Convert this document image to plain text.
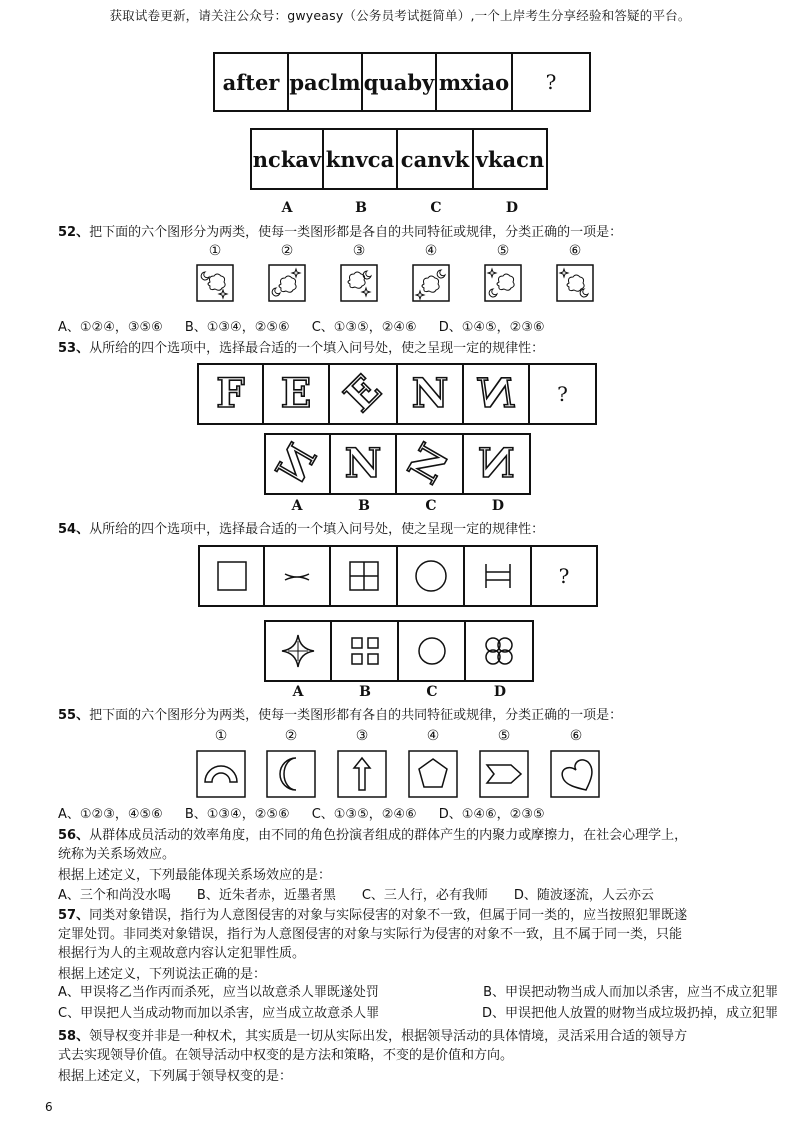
获取试卷更新，请关注公众号：gwyeasy（公务员考试挺简单）,一个上岸考生分享经验和答疑的平台。
after paclm quaby mxiao ?
nckav knvca canvk vkacn
A	B	C	D
52、把下面的六个图形分为两类，使每一类图形都是各自的共同特征或规律，分类正确的一项是：
①	②	③	④	⑤	⑥
A、①②④，③⑤⑥ B、①③④，②⑤⑥ C、①③⑤，②④⑥ D、①④⑤，②③⑥
53、从所给的四个选项中，选择最合适的一个填入问号处，使之呈现一定的规律性：
F E E N N ?
N N N N
A	B	C	D
54、从所给的四个选项中，选择最合适的一个填入问号处，使之呈现一定的规律性：
?
A	B	C	D
55、把下面的六个图形分为两类，使每一类图形都有各自的共同特征或规律，分类正确的一项是：
①	②	③	④	⑤	⑥
A、①②③，④⑤⑥ B、①③④，②⑤⑥ C、①③⑤，②④⑥ D、①④⑥，②③⑤
56、从群体成员活动的效率角度，由不同的角色扮演者组成的群体产生的内聚力或摩擦力，在社会心理学上，
统称为关系场效应。
根据上述定义，下列最能体现关系场效应的是：
A、三个和尚没水喝 B、近朱者赤，近墨者黑 C、三人行，必有我师 D、随波逐流，人云亦云
57、同类对象错误，指行为人意图侵害的对象与实际侵害的对象不一致，但属于同一类的，应当按照犯罪既遂
定罪处罚。非同类对象错误，指行为人意图侵害的对象与实际行为侵害的对象不一致，且不属于同一类，只能
根据行为人的主观故意内容认定犯罪性质。
根据上述定义，下列说法正确的是：
A、甲误将乙当作丙而杀死，应当以故意杀人罪既遂处罚	B、甲误把动物当成人而加以杀害，应当不成立犯罪
C、甲误把人当成动物而加以杀害，应当成立故意杀人罪	D、甲误把他人放置的财物当成垃圾扔掉，成立犯罪
58、领导权变并非是一种权术，其实质是一切从实际出发，根据领导活动的具体情境，灵活采用合适的领导方
式去实现领导价值。在领导活动中权变的是方法和策略，不变的是价值和方向。
根据上述定义，下列属于领导权变的是：
6
